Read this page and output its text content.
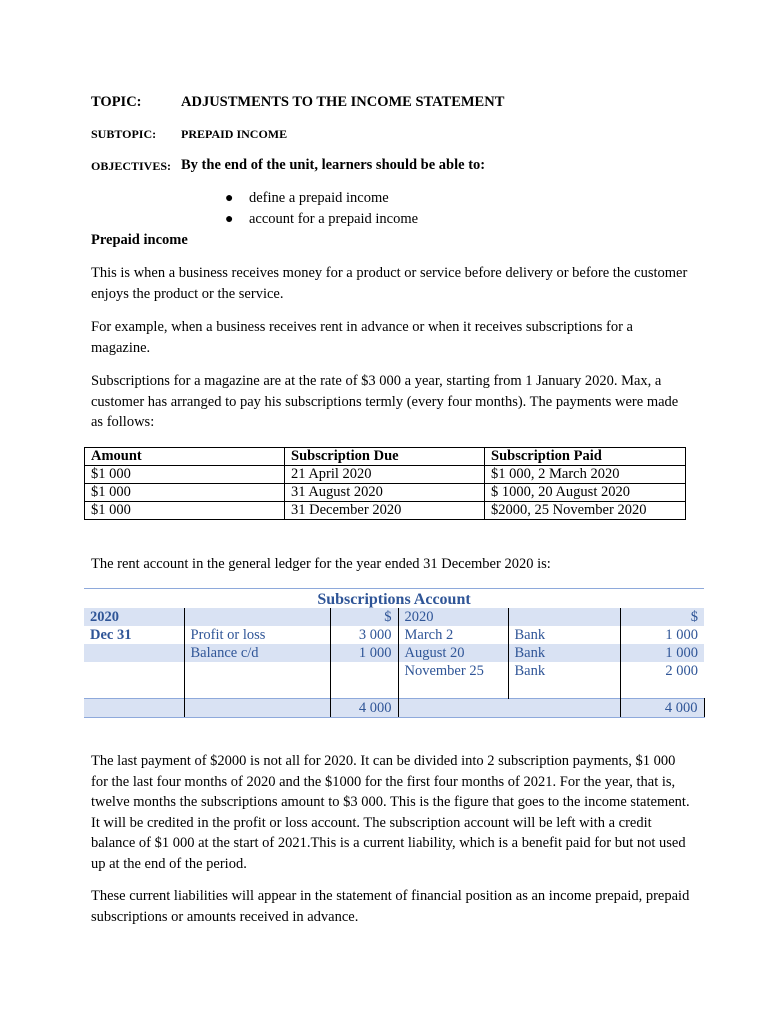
TOPIC:	ADJUSTMENTS TO THE INCOME STATEMENT
SUBTOPIC: PREPAID INCOME
OBJECTIVES: By the end of the unit, learners should be able to:
● define a prepaid income
● account for a prepaid income
Prepaid income

This is when a business receives money for a product or service before delivery or before the customer enjoys the product or the service.

For example, when a business receives rent in advance or when it receives subscriptions for a magazine.

Subscriptions for a magazine are at the rate of $3 000 a year, starting from 1 January 2020. Max, a customer has arranged to pay his subscriptions termly (every four months). The payments were made as follows:

Amount	Subscription Due	Subscription Paid
$1 000	21 April 2020	$1 000, 2 March 2020
$1 000	31 August 2020	$ 1000, 20 August 2020
$1 000	31 December 2020	$2000, 25 November 2020

The rent account in the general ledger for the year ended 31 December 2020 is:

Subscriptions Account
2020		$	2020		$
Dec 31	Profit or loss	3 000	March 2	Bank	1 000
	Balance c/d	1 000	August 20	Bank	1 000
			November 25	Bank	2 000
		4 000			4 000

The last payment of $2000 is not all for 2020. It can be divided into 2 subscription payments, $1 000 for the last four months of 2020 and the $1000 for the first four months of 2021. For the year, that is, twelve months the subscriptions amount to $3 000. This is the figure that goes to the income statement. It will be credited in the profit or loss account. The subscription account will be left with a credit balance of $1 000 at the start of 2021.This is a current liability, which is a benefit paid for but not used up at the end of the period.

These current liabilities will appear in the statement of financial position as an income prepaid, prepaid subscriptions or amounts received in advance.
